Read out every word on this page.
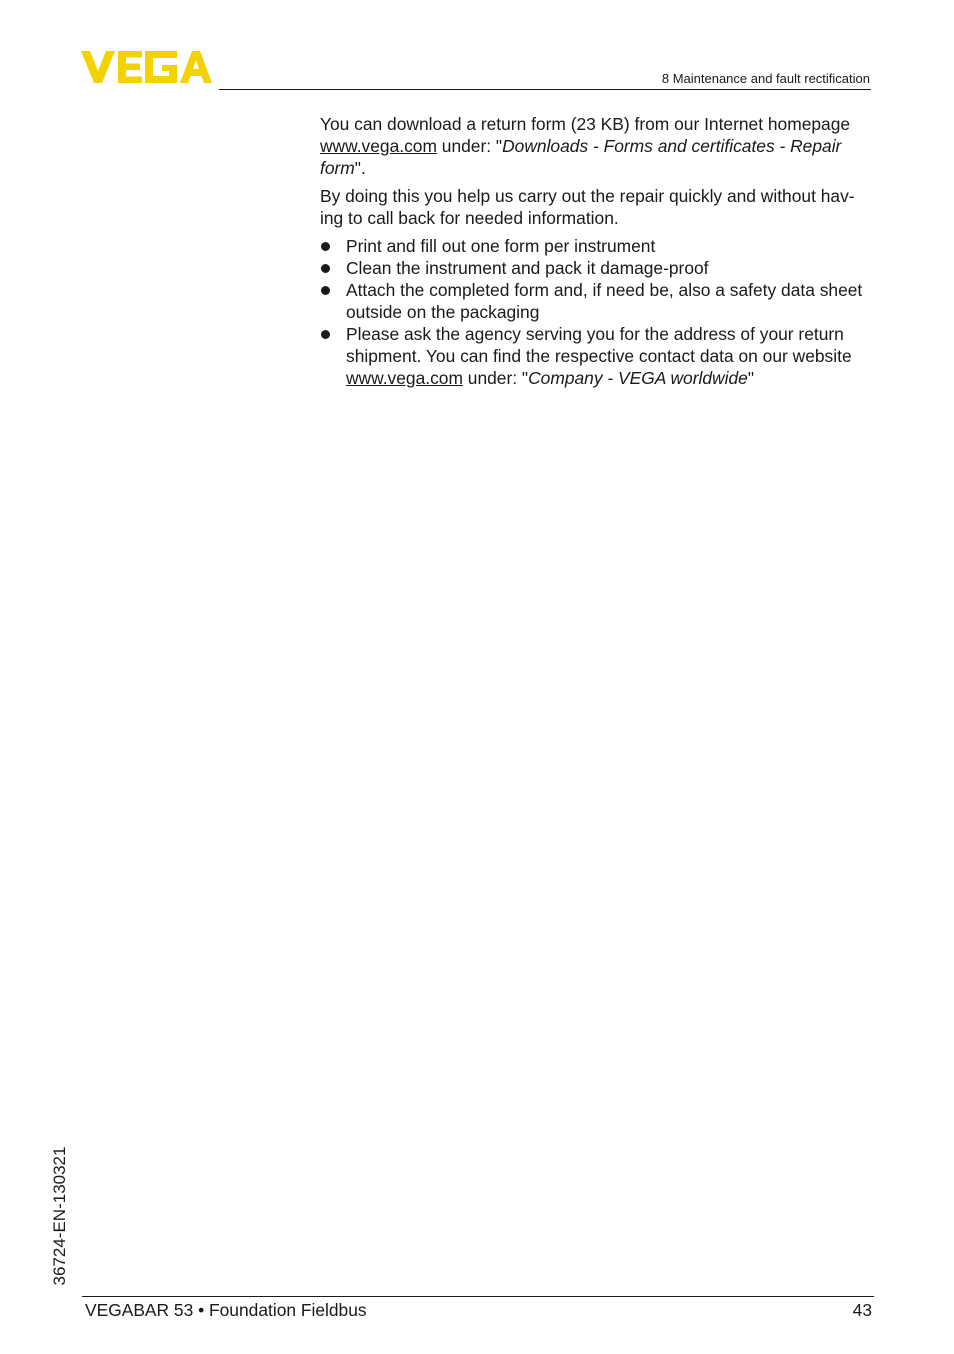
8 Maintenance and fault rectification

You can download a return form (23 KB) from our Internet homepage www.vega.com under: "Downloads - Forms and certificates - Repair form".

By doing this you help us carry out the repair quickly and without hav-ing to call back for needed information.

Print and fill out one form per instrument
Clean the instrument and pack it damage-proof
Attach the completed form and, if need be, also a safety data sheet outside on the packaging
Please ask the agency serving you for the address of your return shipment. You can find the respective contact data on our website www.vega.com under: "Company - VEGA worldwide"
36724-EN-130321
VEGABAR 53 • Foundation Fieldbus	43
